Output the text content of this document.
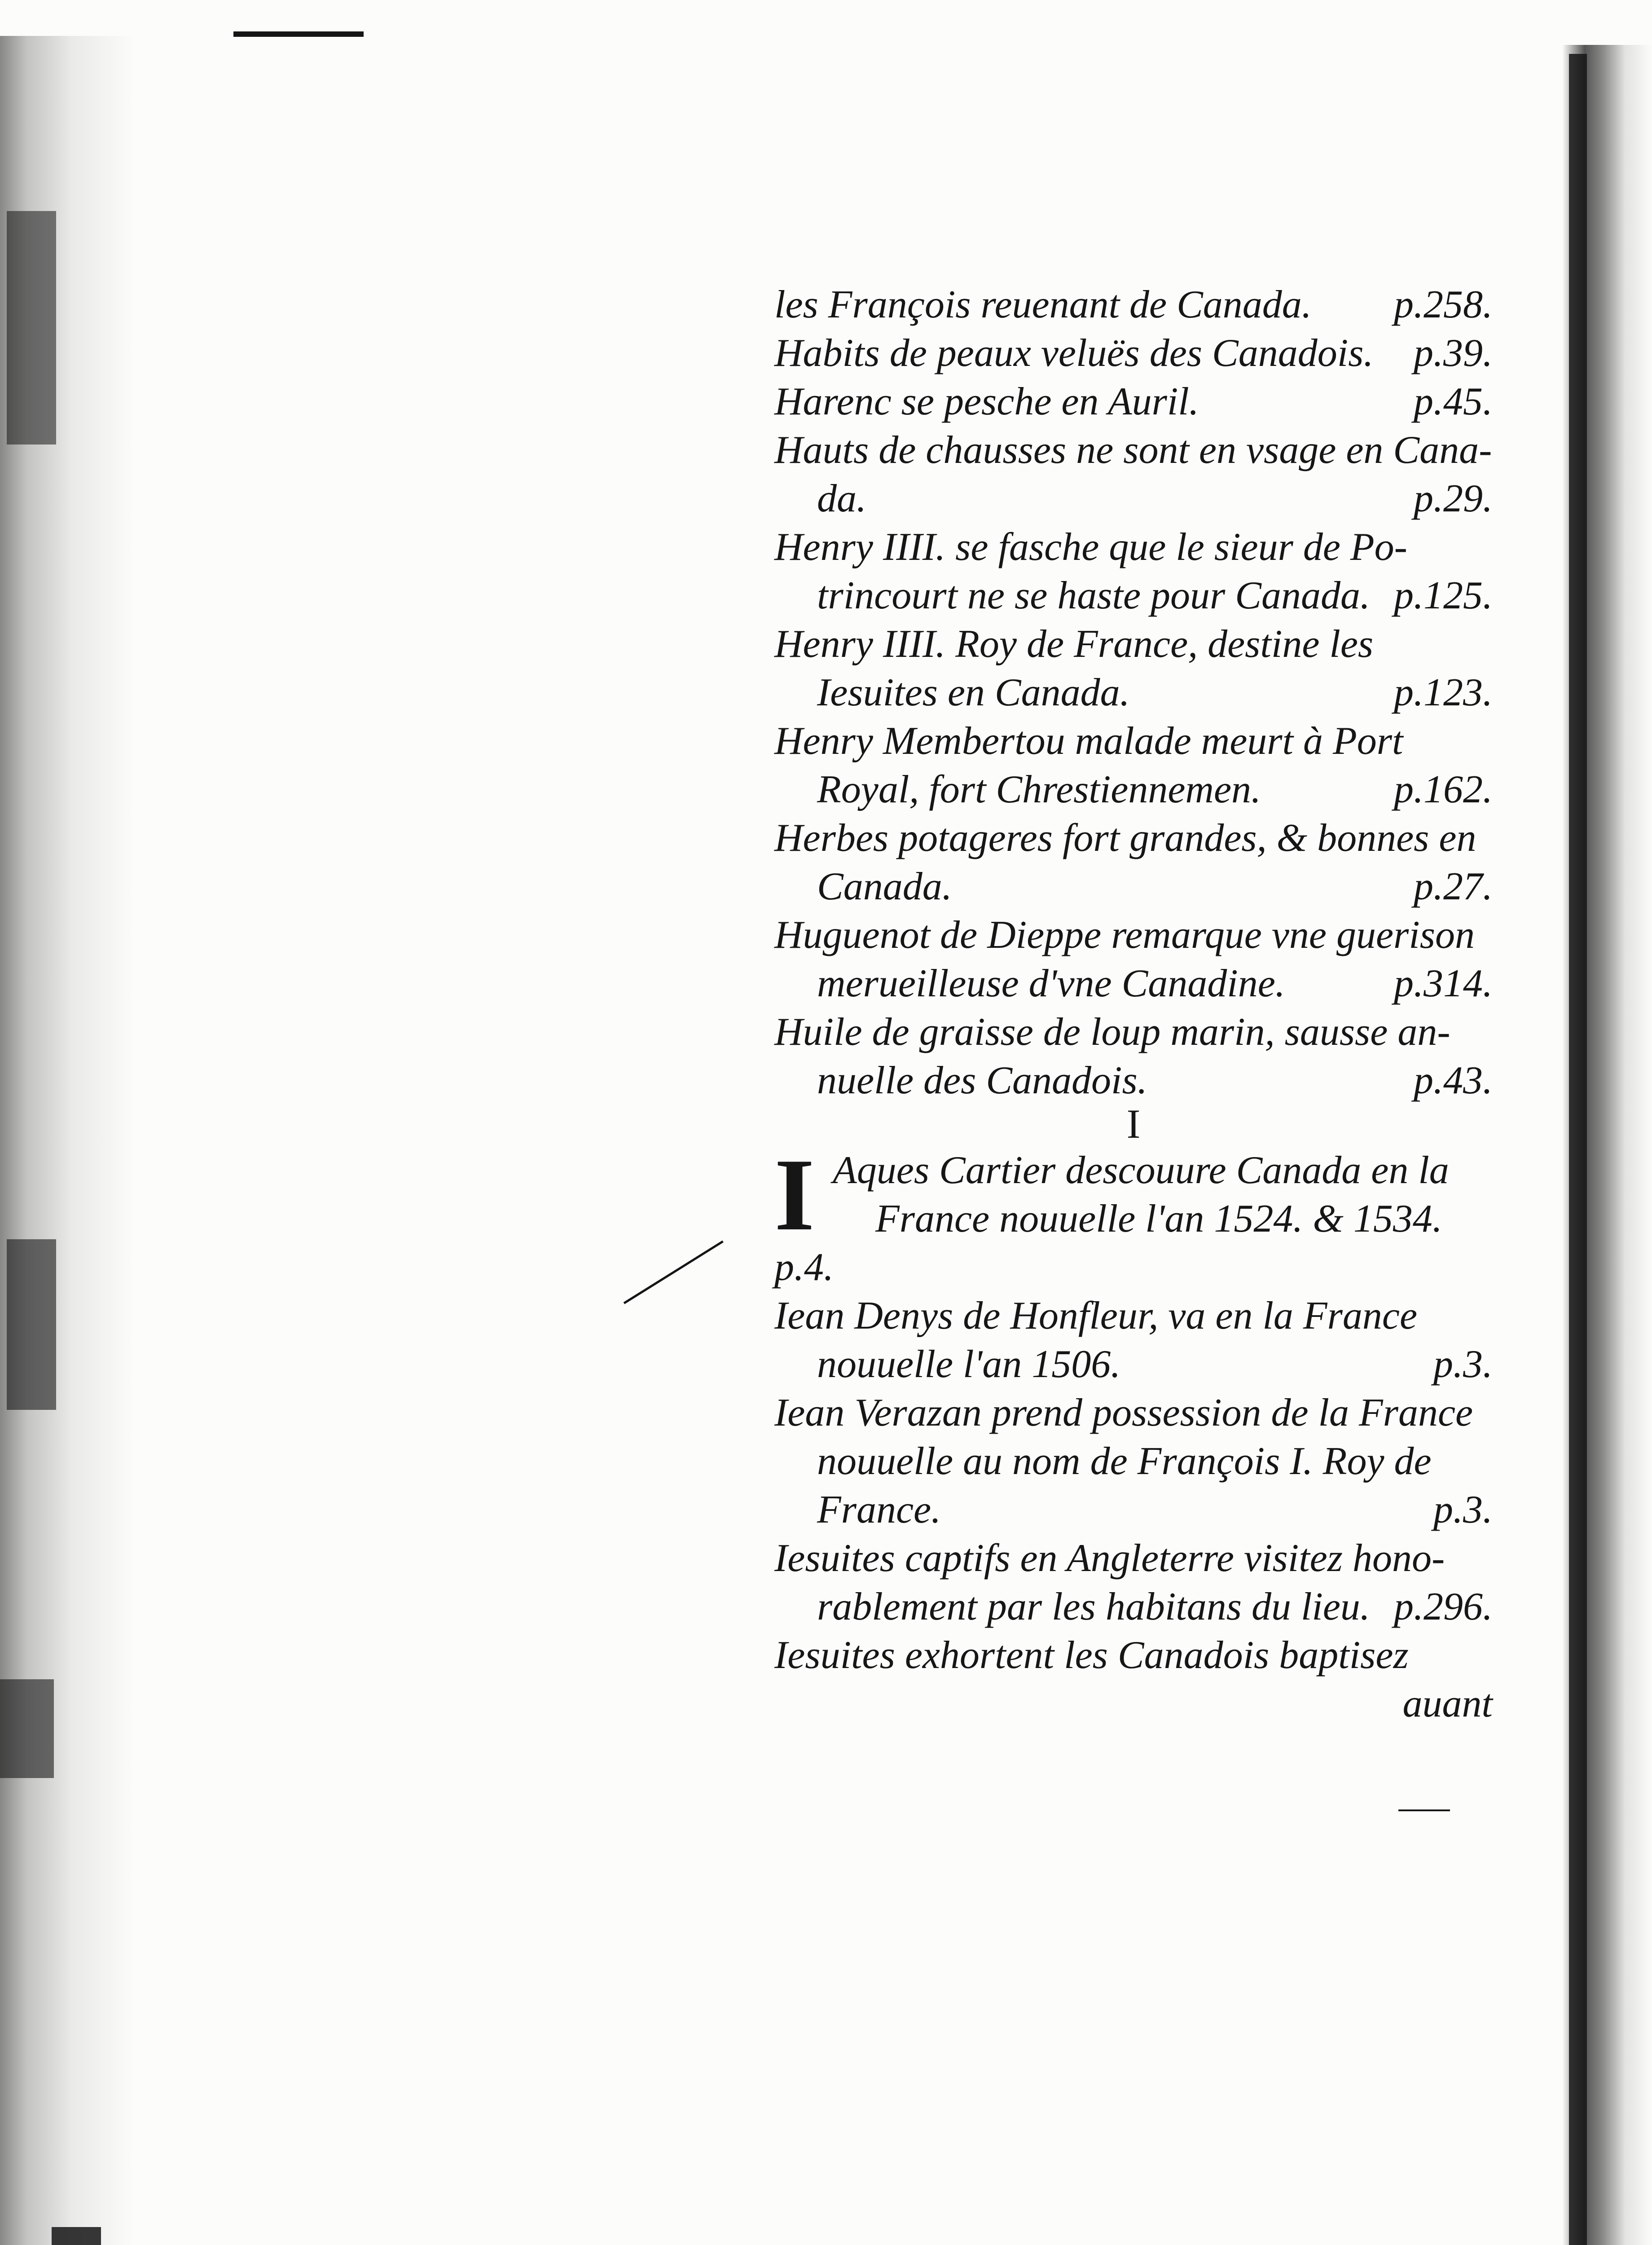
les François reuenant de Canada. p.258.
Habits de peaux veluës des Canadois. p.39.
Harenc se pesche en Auril.	p.45.
Hauts de chausses ne sont en vsage en Cana-
da.	p.29.
Henry IIII. se fasche que le sieur de Po-
trincourt ne se haste pour Canada. p.125.
Henry IIII. Roy de France, destine les
Iesuites en Canada.	p.123.
Henry Membertou malade meurt à Port
Royal, fort Chrestiennemen.	p.162.
Herbes potageres fort grandes, & bonnes en
Canada.	p.27.
Huguenot de Dieppe remarque vne guerison
merueilleuse d'vne Canadine.	p.314.
Huile de graisse de loup marin, sausse an-
nuelle des Canadois.	p.43.
I
I Aques Cartier descouure Canada en la
France nouuelle l'an 1524. & 1534.
p.4.
Iean Denys de Honfleur, va en la France
nouuelle l'an 1506.	p.3.
Iean Verazan prend possession de la France
nouuelle au nom de François I. Roy de
France.	p.3.
Iesuites captifs en Angleterre visitez hono-
rablement par les habitans du lieu. p.296.
Iesuites exhortent les Canadois baptisez
auant
